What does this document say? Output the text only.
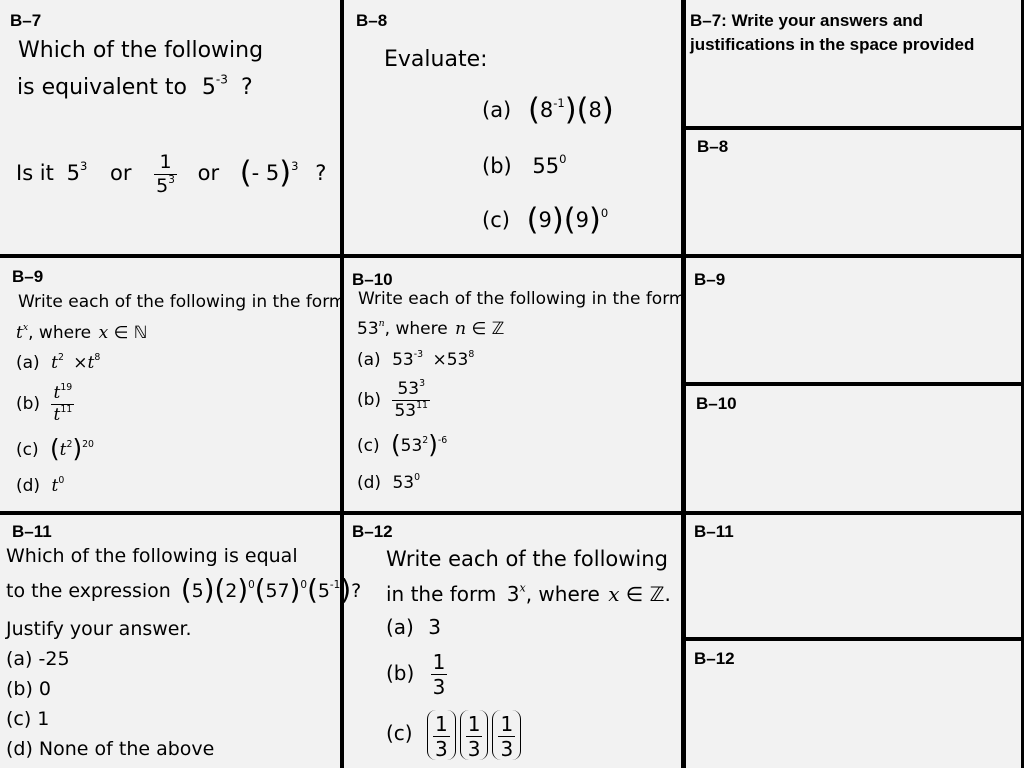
B–7
Which of the following
is equivalent to $5^{-3}$ ?
Is it $5^3$ or $\frac{1}{5^3}$ or (- 5)$^3$ ?
B–8
Evaluate:
(a) $(8^{-1})(8)$
(b) $55^0$
(c) $(9)(9)^0$
B–9
Write each of the following in the form
$t^x$, where x ∈ ℕ
(a) $t^2 \times t^8$
$(b) \frac{t^{19}}{t^{11}}$
(c) $(t^2)^{20}$
(d) $t^0$
B–10
Write each of the following in the form
53$^n$, where n ∈ ℤ
(a) $53^{-3} \times 53^8$
$(b) \frac{53^3}{53^{11}}$
(c) $(53^2)^{-6}$
(d) $53^0$
B–11
Which of the following is equal
to the expression $(5)(2)^0(57)^0(5^{-1})$?
Justify your answer.
(a) -25
(b) 0
(c) 1
(d) None of the above
B–12
Write each of the following
in the form 3$^x$, where x ∈ ℤ.
(a) 3
$(b) \frac{1}{3}$
$(c) \frac{1}{3} \frac{1}{3} \frac{1}{3}$
B–7: Write your answers and
justifications in the space provided
B–8
B–9
B–10
B–11
B–12
